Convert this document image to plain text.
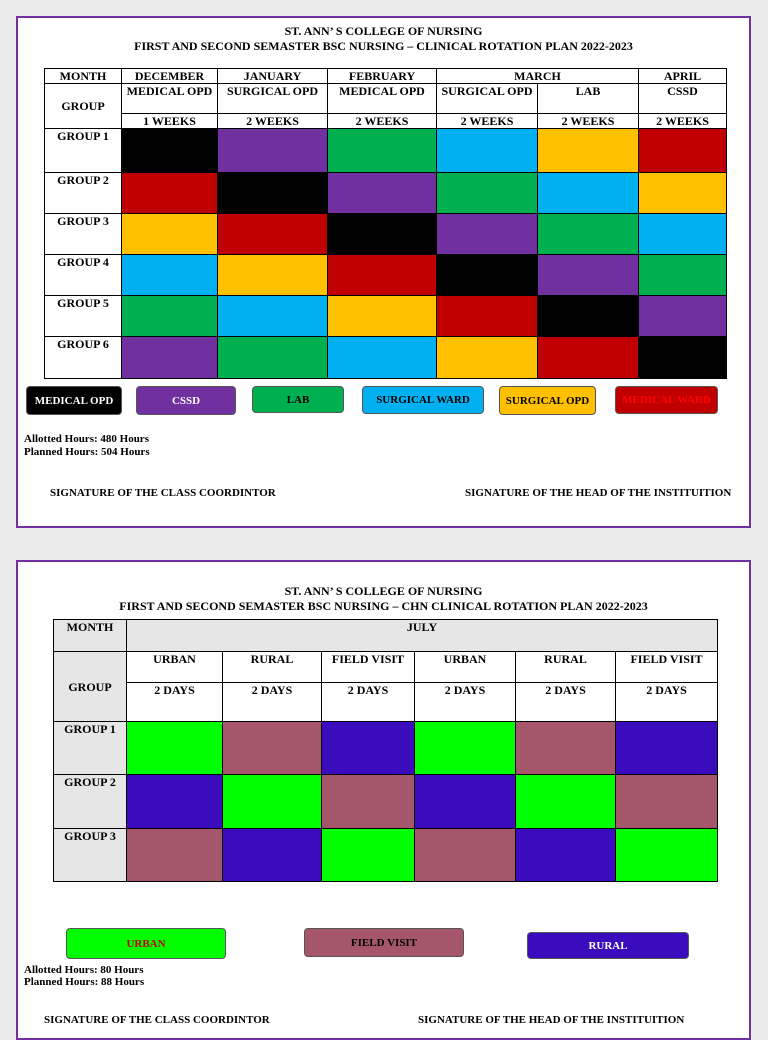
ST. ANN’ S COLLEGE OF NURSING
FIRST AND SECOND SEMASTER BSC NURSING – CLINICAL ROTATION PLAN 2022-2023
MONTH	DECEMBER	JANUARY	FEBRUARY	MARCH		APRIL
GROUP	MEDICAL OPD	SURGICAL OPD	MEDICAL OPD	SURGICAL OPD	LAB	CSSD
	1 WEEKS	2 WEEKS	2 WEEKS	2 WEEKS	2 WEEKS	2 WEEKS
GROUP 1						
GROUP 2						
GROUP 3						
GROUP 4						
GROUP 5						
GROUP 6						
MEDICAL OPD	CSSD	LAB	SURGICAL WARD	SURGICAL OPD	MEDICAL WARD
Allotted Hours: 480 Hours
Planned Hours: 504 Hours
SIGNATURE OF THE CLASS COORDINTOR	SIGNATURE OF THE HEAD OF THE INSTITUITION
ST. ANN’ S COLLEGE OF NURSING
FIRST AND SECOND SEMASTER BSC NURSING – CHN CLINICAL ROTATION PLAN 2022-2023
MONTH	JULY					
GROUP	URBAN	RURAL	FIELD VISIT	URBAN	RURAL	FIELD VISIT
	2 DAYS	2 DAYS	2 DAYS	2 DAYS	2 DAYS	2 DAYS
GROUP 1						
GROUP 2						
GROUP 3						
URBAN	FIELD VISIT	RURAL
Allotted Hours: 80 Hours
Planned Hours: 88 Hours
SIGNATURE OF THE CLASS COORDINTOR	SIGNATURE OF THE HEAD OF THE INSTITUITION
